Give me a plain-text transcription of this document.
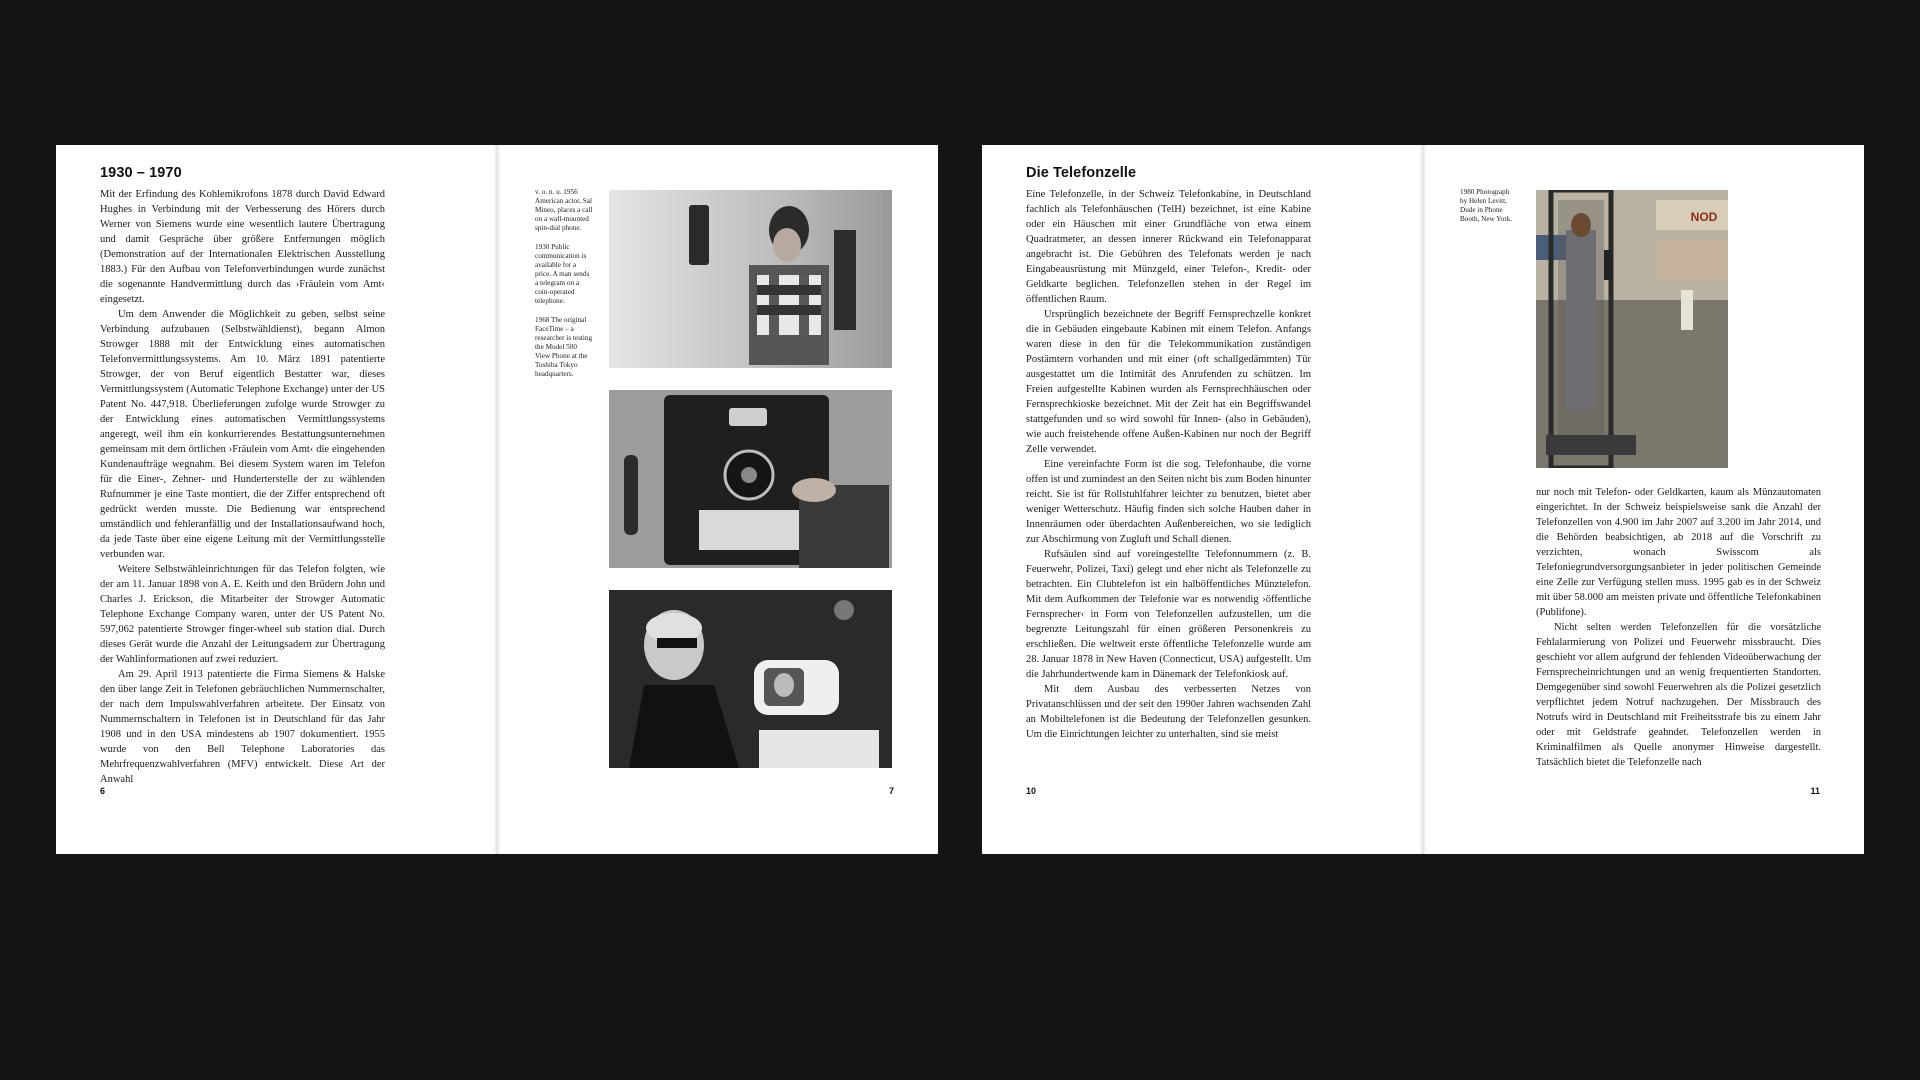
1930 – 1970

Mit der Erfindung des Kohlemikrofons 1878 durch David Edward Hughes in Verbindung mit der Verbesserung des Hörers durch Werner von Siemens wurde eine wesentlich lautere Übertragung und damit Gespräche über größere Entfernungen möglich (Demonstration auf der Internationalen Elektrischen Ausstellung 1883.) Für den Aufbau von Telefonverbindungen wurde zunächst die sogenannte Handvermittlung durch das ›Fräulein vom Amt‹ eingesetzt.

Um dem Anwender die Möglichkeit zu geben, selbst seine Verbindung aufzubauen (Selbstwähldienst), begann Almon Strowger 1888 mit der Entwicklung eines automatischen Telefonvermittlungssystems. Am 10. März 1891 patentierte Strowger, der von Beruf eigentlich Bestatter war, dieses Vermittlungssystem (Automatic Telephone Exchange) unter der US Patent No. 447,918. Überlieferungen zufolge wurde Strowger zu der Entwicklung eines automatischen Vermittlungssystems angeregt, weil ihm ein konkurrierendes Bestattungsunternehmen gemeinsam mit dem örtlichen ›Fräulein vom Amt‹ die eingehenden Kundenaufträge wegnahm. Bei diesem System waren im Telefon für die Einer-, Zehner- und Hunderterstelle der zu wählenden Rufnummer je eine Taste montiert, die der Ziffer entsprechend oft gedrückt werden musste. Die Bedienung war entsprechend umständlich und fehleranfällig und der Installationsaufwand hoch, da jede Taste über eine eigene Leitung mit der Vermittlungsstelle verbunden war.

Weitere Selbstwähleinrichtungen für das Telefon folgten, wie der am 11. Januar 1898 von A. E. Keith und den Brüdern John und Charles J. Erickson, die Mitarbeiter der Strowger Automatic Telephone Exchange Company waren, unter der US Patent No. 597,062 patentierte Strowger finger-wheel sub station dial. Durch dieses Gerät wurde die Anzahl der Leitungsadern zur Übertragung der Wahlinformationen auf zwei reduziert.

Am 29. April 1913 patentierte die Firma Siemens & Halske den über lange Zeit in Telefonen gebräuchlichen Nummernschalter, der nach dem Impulswahlverfahren arbeitete. Der Einsatz von Nummernschaltern in Telefonen ist in Deutschland für das Jahr 1908 und in den USA mindestens ab 1907 dokumentiert. 1955 wurde von den Bell Telephone Laboratories das Mehrfrequenzwahlverfahren (MFV) entwickelt. Diese Art der Anwahl

6
v. o. n. u. 1956 American actor, Sal Mineo, places a call on a wall-mounted spin-dial phone.
1930 Public communication is available for a price. A man sends a telegram on a coin-operated telephone.
1968 The original FaceTime – a researcher is testing the Model 500 View Phone at the Toshiba Tokyo headquarters.
7
Die Telefonzelle

Eine Telefonzelle, in der Schweiz Telefonkabine, in Deutschland fachlich als Telefonhäuschen (TelH) bezeichnet, ist eine Kabine oder ein Häuschen mit einer Grundfläche von etwa einem Quadratmeter, an dessen innerer Rückwand ein Telefonapparat angebracht ist. Die Gebühren des Telefonats werden je nach Eingabeausrüstung mit Münzgeld, einer Telefon-, Kredit- oder Geldkarte beglichen. Telefonzellen stehen in der Regel im öffentlichen Raum.

Ursprünglich bezeichnete der Begriff Fernsprechzelle konkret die in Gebäuden eingebaute Kabinen mit einem Telefon. Anfangs waren diese in den für die Telekommunikation zuständigen Postämtern vorhanden und mit einer (oft schallgedämmten) Tür ausgestattet um die Intimität des Anrufenden zu schützen. Im Freien aufgestellte Kabinen wurden als Fernsprechhäuschen oder Fernsprechkioske bezeichnet. Mit der Zeit hat ein Begriffswandel stattgefunden und so wird sowohl für Innen- (also in Gebäuden), wie auch freistehende offene Außen-Kabinen nur noch der Begriff Zelle verwendet.

Eine vereinfachte Form ist die sog. Telefonhaube, die vorne offen ist und zumindest an den Seiten nicht bis zum Boden hinunter reicht. Sie ist für Rollstuhlfahrer leichter zu benutzen, bietet aber weniger Wetterschutz. Häufig finden sich solche Hauben daher in Innenräumen oder überdachten Außenbereichen, wo sie lediglich zur Abschirmung von Zugluft und Schall dienen.

Rufsäulen sind auf voreingestellte Telefonnummern (z. B. Feuerwehr, Polizei, Taxi) gelegt und eher nicht als Telefonzelle zu betrachten. Ein Clubtelefon ist ein halböffentliches Münztelefon. Mit dem Aufkommen der Telefonie war es notwendig ›öffentliche Fernsprecher‹ in Form von Telefonzellen aufzustellen, um die begrenzte Leitungszahl für einen größeren Personenkreis zu erschließen. Die weltweit erste öffentliche Telefonzelle wurde am 28. Januar 1878 in New Haven (Connecticut, USA) aufgestellt. Um die Jahrhundertwende kam in Dänemark der Telefonkiosk auf.

Mit dem Ausbau des verbesserten Netzes von Privatanschlüssen und der seit den 1990er Jahren wachsenden Zahl an Mobiltelefonen ist die Bedeutung der Telefonzellen gesunken. Um die Einrichtungen leichter zu unterhalten, sind sie meist

10
1980 Photograph by Helen Levitt, Dude in Phone Booth, New York.	NOD

nur noch mit Telefon- oder Geldkarten, kaum als Münzautomaten eingerichtet. In der Schweiz beispielsweise sank die Anzahl der Telefonzellen von 4.900 im Jahr 2007 auf 3.200 im Jahr 2014, und die Behörden beabsichtigen, ab 2018 auf die Vorschrift zu verzichten, wonach Swisscom als Telefoniegrundversorgungsanbieter in jeder politischen Gemeinde eine Zelle zur Verfügung stellen muss. 1995 gab es in der Schweiz mit über 58.000 am meisten private und öffentliche Telefonkabinen (Publifone).

Nicht selten werden Telefonzellen für die vorsätzliche Fehlalarmierung von Polizei und Feuerwehr missbraucht. Dies geschieht vor allem aufgrund der fehlenden Videoüberwachung der Fernsprecheinrichtungen und an wenig frequentierten Standorten. Demgegenüber sind sowohl Feuerwehren als die Polizei gesetzlich verpflichtet jedem Notruf nachzugehen. Der Missbrauch des Notrufs wird in Deutschland mit Freiheitsstrafe bis zu einem Jahr oder mit Geldstrafe geahndet. Telefonzellen werden in Kriminalfilmen als Quelle anonymer Hinweise dargestellt. Tatsächlich bietet die Telefonzelle nach

11
